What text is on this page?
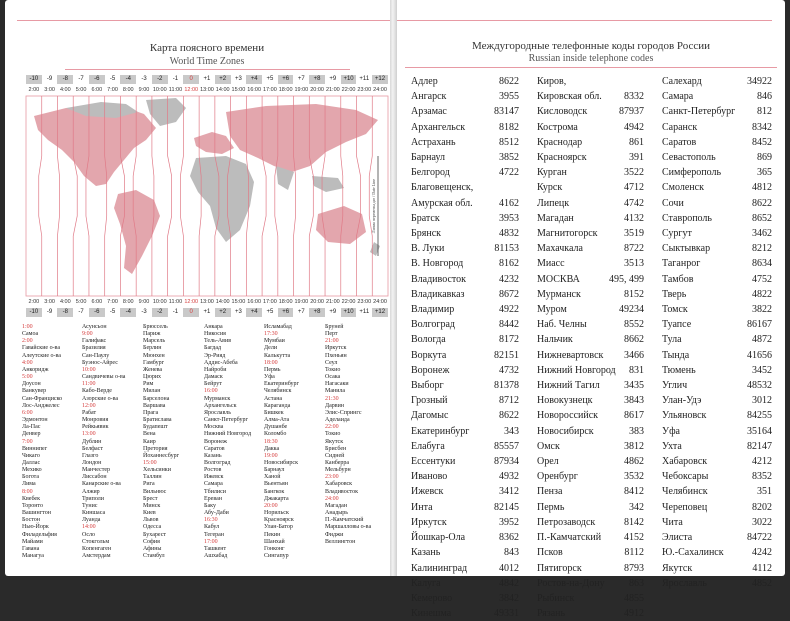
Карта поясного времени
World Time Zones
-10	-9	-8	-7	-6	-5	-4	-3	-2	-1	0	+1	+2	+3	+4	+5	+6	+7	+8	+9	+10 +11 +12
2:00 3:00 4:00 5:00 6:00 7:00 8:00 9:00 10:00 11:00 12:00 13:00 14:00 15:00 16:00 17:00 18:00 19:00 20:00 21:00 22:00 23:00 24:00
Линия перемены дат / Date Line
2:00 3:00 4:00 5:00 6:00 7:00 8:00 9:00 10:00 11:00 12:00 13:00 14:00 15:00 16:00 17:00 18:00 19:00 20:00 21:00 22:00 23:00 24:00
-10	-9	-8	-7	-6	-5	-4	-3	-2	-1	0	+1	+2	+3	+4	+5	+6	+7	+8	+9	+10 +11 +12
1:00
Самоа
2:00
Гавайские о-ва
Алеутские о-ва
4:00
Анкоридж
5:00
Доусон
Ванкувер
Сан-Франциско
Лос-Анджелес
6:00
Эдмонтон
Ла-Пас
Денвер
7:00
Виннипег
Чикаго
Даллас
Мехико
Богота
Лима
8:00
Квебек
Торонто
Вашингтон
Бостон
Нью-Йорк
Филадельфия
Майами
Гавана
Манагуа
Асунсьон
9:00
Галифакс
Бразилия
Сан-Паулу
Буэнос-Айрес
10:00
Сандвичевы о-ва
11:00
Кабо-Верде
Азорские о-ва
12:00
Рабат
Монровия
Рейкьявик
13:00
Дублин
Белфаст
Глазго
Лондон
Манчестер
Лиссабон
Канарские о-ва
Алжир
Триполи
Тунис
Киншаса
Луанда
14:00
Осло
Стокгольм
Копенгаген
Амстердам
Брюссель
Париж
Марсель
Берлин
Мюнхен
Гамбург
Женева
Цюрих
Рим
Милан
Барселона
Варшава
Прага
Братислава
Будапешт
Вена
Каир
Претория
Йоханнесбург
15:00
Хельсинки
Таллин
Рига
Вильнюс
Брест
Минск
Киев
Львов
Одесса
Бухарест
София
Афины
Стамбул
Анкара
Никосия
Тель-Авив
Багдад
Эр-Рияд
Аддис-Абеба
Найроби
Дамаск
Бейрут
16:00
Мурманск
Архангельск
Ярославль
Санкт-Петербург
Москва
Нижний Новгород
Воронеж
Саратов
Казань
Волгоград
Ростов
Ижевск
Самара
Тбилиси
Ереван
Баку
Абу-Даби
16:30
Кабул
Тегеран
17:00
Ташкент
Ашхабад
Исламабад
17:30
Мумбаи
Дели
Калькутта
18:00
Пермь
Уфа
Екатеринбург
Челябинск
Астана
Караганда
Бишкек
Алма-Ата
Душанбе
Коломбо
18:30
Дакка
19:00
Новосибирск
Барнаул
Ханой
Вьентьян
Бангкок
Джакарта
20:00
Норильск
Красноярск
Улан-Батор
Пекин
Шанхай
Гонконг
Сингапур
Бруней
Перт
21:00
Иркутск
Пхеньян
Сеул
Токио
Осака
Нагасаки
Манила
21:30
Дарвин
Элис-Спрингс
Аделаида
22:00
Токио
Якутск
Брисбен
Сидней
Канберра
Мельбурн
23:00
Хабаровск
Владивосток
24:00
Магадан
Анадырь
П.-Камчатский
Маршалловы о-ва
Фиджи
Веллингтон
Междугородные телефонные коды городов России
Russian inside telephone codes
Адлер	8622
Ангарск	3955
Арзамас	83147
Архангельск	8182
Астрахань	8512
Барнаул	3852
Белгород	4722
Благовещенск,
Амурская обл.	4162
Братск	3953
Брянск	4832
В. Луки	81153
В. Новгород	8162
Владивосток	4232
Владикавказ	8672
Владимир	4922
Волгоград	8442
Вологда	8172
Воркута	82151
Воронеж	4732
Выборг	81378
Грозный	8712
Дагомыс	8622
Екатеринбург	343
Елабуга	85557
Ессентуки	87934
Иваново	4932
Ижевск	3412
Инта	82145
Иркутск	3952
Йошкар-Ола	8362
Казань	843
Калининград	4012
Калуга	4842
Кемерово	3842
Кинешма	49331
Киров,
Кировская обл. 8332
Кисловодск	87937
Кострома	4942
Краснодар	861
Красноярск	391
Курган	3522
Курск	4712
Липецк	4742
Магадан	4132
Магнитогорск	3519
Махачкала	8722
Миасс	3513
МОСКВА	495, 499
Мурманск	8152
Муром	49234
Наб. Челны	8552
Нальчик	8662
Нижневартовск 3466
Нижний Новгород 831
Нижний Тагил 3435
Новокузнецк	3843
Новороссийск	8617
Новосибирск	383
Омск	3812
Орел	4862
Оренбург	3532
Пенза	8412
Пермь	342
Петрозаводск	8142
П.-Камчатский 4152
Псков	8112
Пятигорск	8793
Ростов-на-Дону 863
Рыбинск	4855
Рязань	4912
Салехард	34922
Самара	846
Санкт-Петербург 812
Саранск	8342
Саратов	8452
Севастополь	869
Симферополь	365
Смоленск	4812
Сочи	8622
Ставрополь	8652
Сургут	3462
Сыктывкар	8212
Таганрог	8634
Тамбов	4752
Тверь	4822
Томск	3822
Туапсе	86167
Тула	4872
Тында	41656
Тюмень	3452
Углич	48532
Улан-Удэ	3012
Ульяновск	84255
Уфа	35164
Ухта	82147
Хабаровск	4212
Чебоксары	8352
Челябинск	351
Череповец	8202
Чита	3022
Элиста	84722
Ю.-Сахалинск	4242
Якутск	4112
Ярославль	4852
